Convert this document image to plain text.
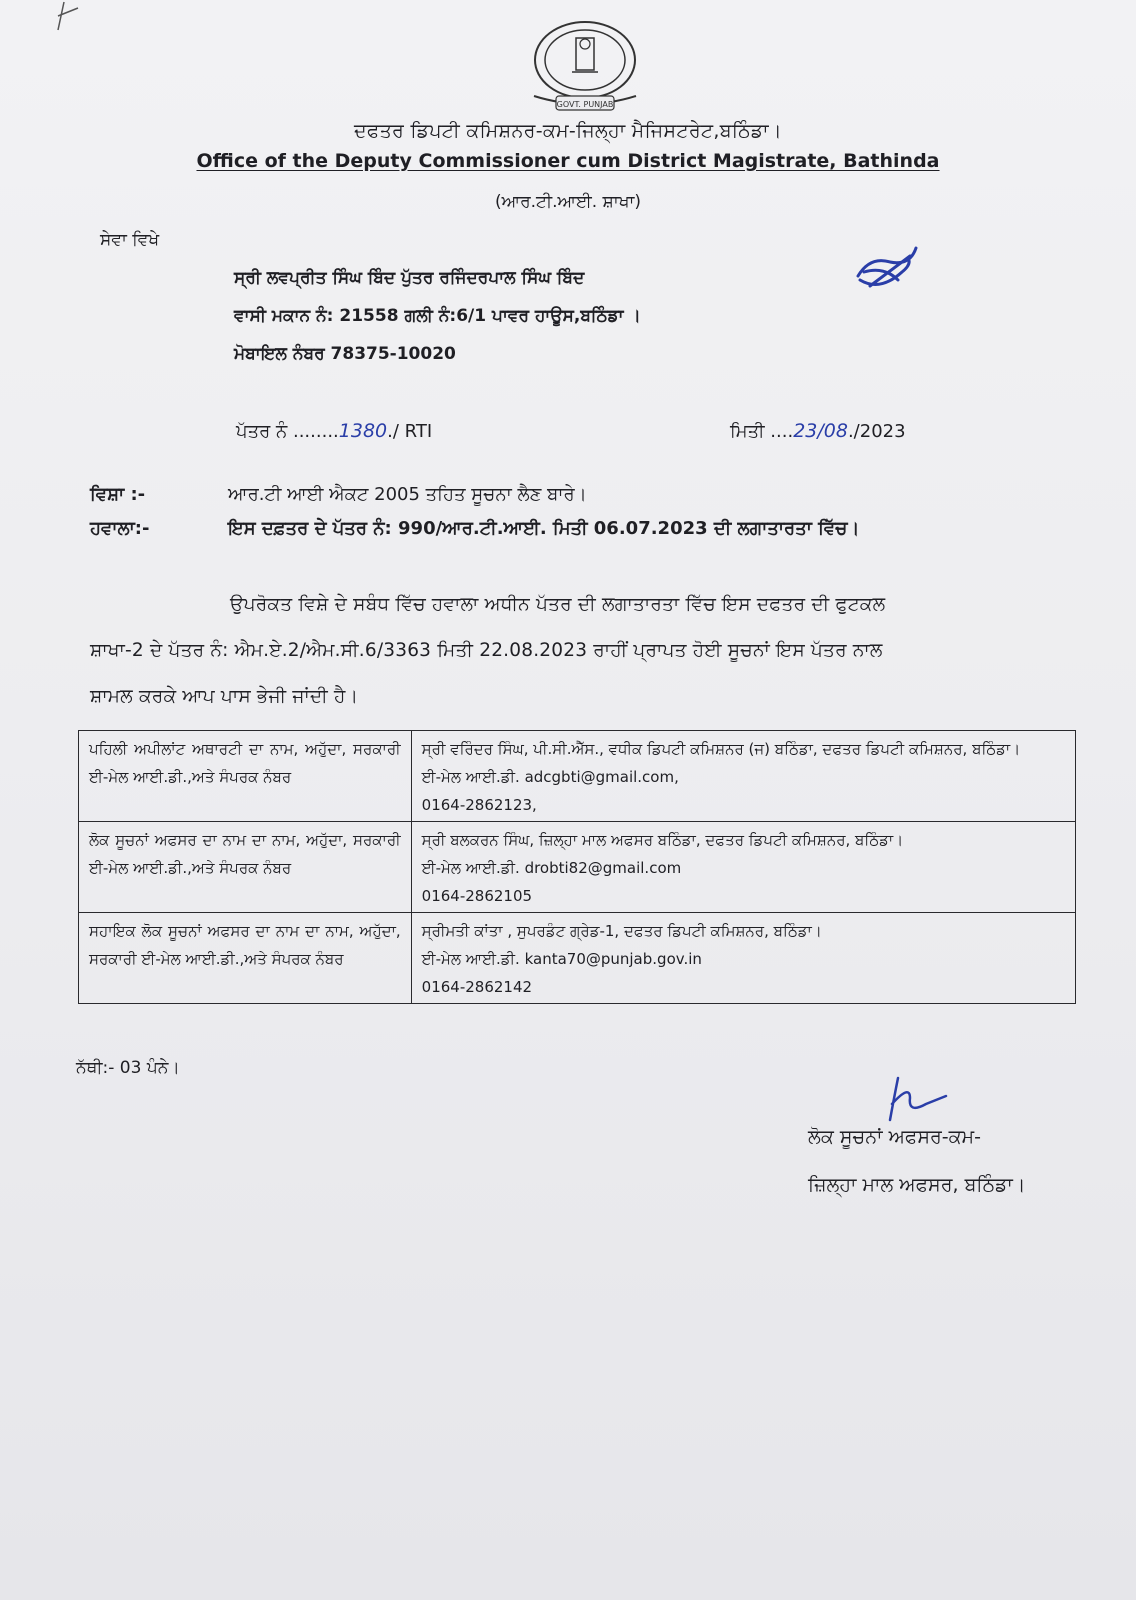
GOVT. PUNJAB
ਦਫਤਰ ਡਿਪਟੀ ਕਮਿਸ਼ਨਰ-ਕਮ-ਜਿਲ੍ਹਾ ਮੈਜਿਸਟਰੇਟ,ਬਠਿੰਡਾ।
Office of the Deputy Commissioner cum District Magistrate, Bathinda
(ਆਰ.ਟੀ.ਆਈ. ਸ਼ਾਖਾ)
ਸੇਵਾ ਵਿਖੇ
ਸ੍ਰੀ ਲਵਪ੍ਰੀਤ ਸਿੰਘ ਬਿੰਦ ਪੁੱਤਰ ਰਜਿੰਦਰਪਾਲ ਸਿੰਘ ਬਿੰਦ
ਵਾਸੀ ਮਕਾਨ ਨੰ: 21558 ਗਲੀ ਨੰ:6/1 ਪਾਵਰ ਹਾਊਸ,ਬਠਿੰਡਾ ।
ਮੋਬਾਇਲ ਨੰਬਰ 78375-10020
ਪੱਤਰ ਨੰ ........1380./ RTI	ਮਿਤੀ ....23/08./2023
ਵਿਸ਼ਾ :-	ਆਰ.ਟੀ ਆਈ ਐਕਟ 2005 ਤਹਿਤ ਸੂਚਨਾ ਲੈਣ ਬਾਰੇ।
ਹਵਾਲਾ:-	ਇਸ ਦਫ਼ਤਰ ਦੇ ਪੱਤਰ ਨੰ: 990/ਆਰ.ਟੀ.ਆਈ. ਮਿਤੀ 06.07.2023 ਦੀ ਲਗਾਤਾਰਤਾ ਵਿੱਚ।
ਉਪਰੋਕਤ ਵਿਸ਼ੇ ਦੇ ਸਬੰਧ ਵਿੱਚ ਹਵਾਲਾ ਅਧੀਨ ਪੱਤਰ ਦੀ ਲਗਾਤਾਰਤਾ ਵਿੱਚ ਇਸ ਦਫਤਰ ਦੀ ਫੁਟਕਲ
ਸ਼ਾਖਾ-2 ਦੇ ਪੱਤਰ ਨੰ: ਐਮ.ਏ.2/ਐਮ.ਸੀ.6/3363 ਮਿਤੀ 22.08.2023 ਰਾਹੀਂ ਪ੍ਰਾਪਤ ਹੋਈ ਸੂਚਨਾਂ ਇਸ ਪੱਤਰ ਨਾਲ
ਸ਼ਾਮਲ ਕਰਕੇ ਆਪ ਪਾਸ ਭੇਜੀ ਜਾਂਦੀ ਹੈ।
ਪਹਿਲੀ ਅਪੀਲਾਂਟ ਅਥਾਰਟੀ ਦਾ ਨਾਮ, ਅਹੁੱਦਾ, ਸਰਕਾਰੀ ਈ-ਮੇਲ ਆਈ.ਡੀ.,ਅਤੇ ਸੰਪਰਕ ਨੰਬਰ	ਸ੍ਰੀ ਵਰਿੰਦਰ ਸਿੰਘ, ਪੀ.ਸੀ.ਐੱਸ., ਵਧੀਕ ਡਿਪਟੀ ਕਮਿਸ਼ਨਰ (ਜ) ਬਠਿੰਡਾ, ਦਫਤਰ ਡਿਪਟੀ ਕਮਿਸ਼ਨਰ, ਬਠਿੰਡਾ।
ਈ-ਮੇਲ ਆਈ.ਡੀ. adcgbti@gmail.com,
0164-2862123,

ਲੋਕ ਸੂਚਨਾਂ ਅਫਸਰ ਦਾ ਨਾਮ ਦਾ ਨਾਮ, ਅਹੁੱਦਾ, ਸਰਕਾਰੀ ਈ-ਮੇਲ ਆਈ.ਡੀ.,ਅਤੇ ਸੰਪਰਕ ਨੰਬਰ	ਸ੍ਰੀ ਬਲਕਰਨ ਸਿੰਘ, ਜ਼ਿਲ੍ਹਾ ਮਾਲ ਅਫਸਰ ਬਠਿੰਡਾ, ਦਫਤਰ ਡਿਪਟੀ ਕਮਿਸ਼ਨਰ, ਬਠਿੰਡਾ।
ਈ-ਮੇਲ ਆਈ.ਡੀ. drobti82@gmail.com
0164-2862105

ਸਹਾਇਕ ਲੋਕ ਸੂਚਨਾਂ ਅਫਸਰ ਦਾ ਨਾਮ ਦਾ ਨਾਮ, ਅਹੁੱਦਾ, ਸਰਕਾਰੀ ਈ-ਮੇਲ ਆਈ.ਡੀ.,ਅਤੇ ਸੰਪਰਕ ਨੰਬਰ	ਸ੍ਰੀਮਤੀ ਕਾਂਤਾ , ਸੁਪਰਡੰਟ ਗ੍ਰੇਡ-1, ਦਫਤਰ ਡਿਪਟੀ ਕਮਿਸ਼ਨਰ, ਬਠਿੰਡਾ।
ਈ-ਮੇਲ ਆਈ.ਡੀ. kanta70@punjab.gov.in
0164-2862142
ਨੱਥੀ:- 03 ਪੰਨੇ।
ਲੋਕ ਸੂਚਨਾਂ ਅਫਸਰ-ਕਮ-
ਜ਼ਿਲ੍ਹਾ ਮਾਲ ਅਫਸਰ, ਬਠਿੰਡਾ।
